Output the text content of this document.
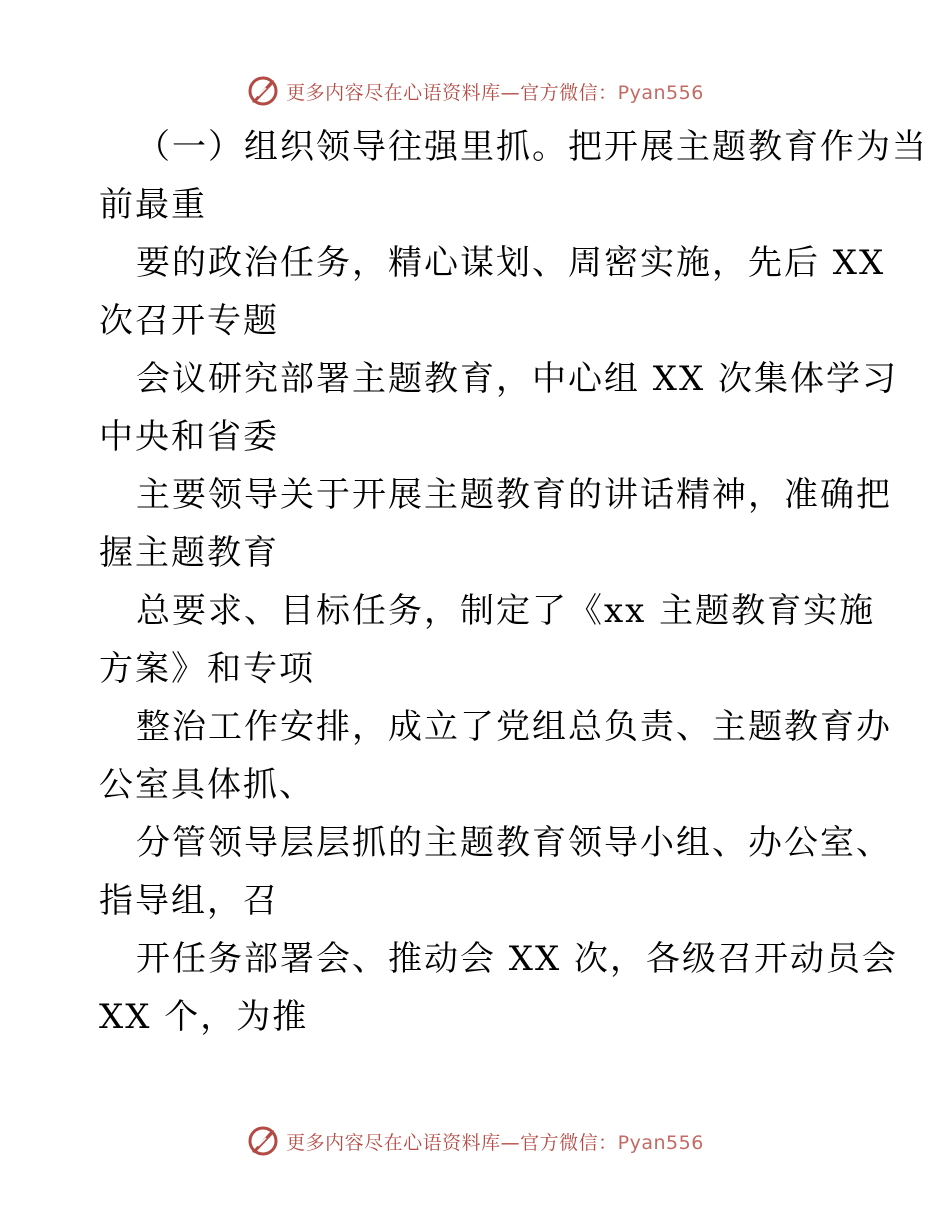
更多内容尽在心语资料库—官方微信：Pyan556
（一）组织领导往强里抓。把开展主题教育作为当
前最重
要的政治任务，精心谋划、周密实施，先后 XX
次召开专题
会议研究部署主题教育，中心组 XX 次集体学习
中央和省委
主要领导关于开展主题教育的讲话精神，准确把
握主题教育
总要求、目标任务，制定了《xx 主题教育实施
方案》和专项
整治工作安排，成立了党组总负责、主题教育办
公室具体抓、
分管领导层层抓的主题教育领导小组、办公室、
指导组，召
开任务部署会、推动会 XX 次，各级召开动员会
XX 个，为推
更多内容尽在心语资料库—官方微信：Pyan556
